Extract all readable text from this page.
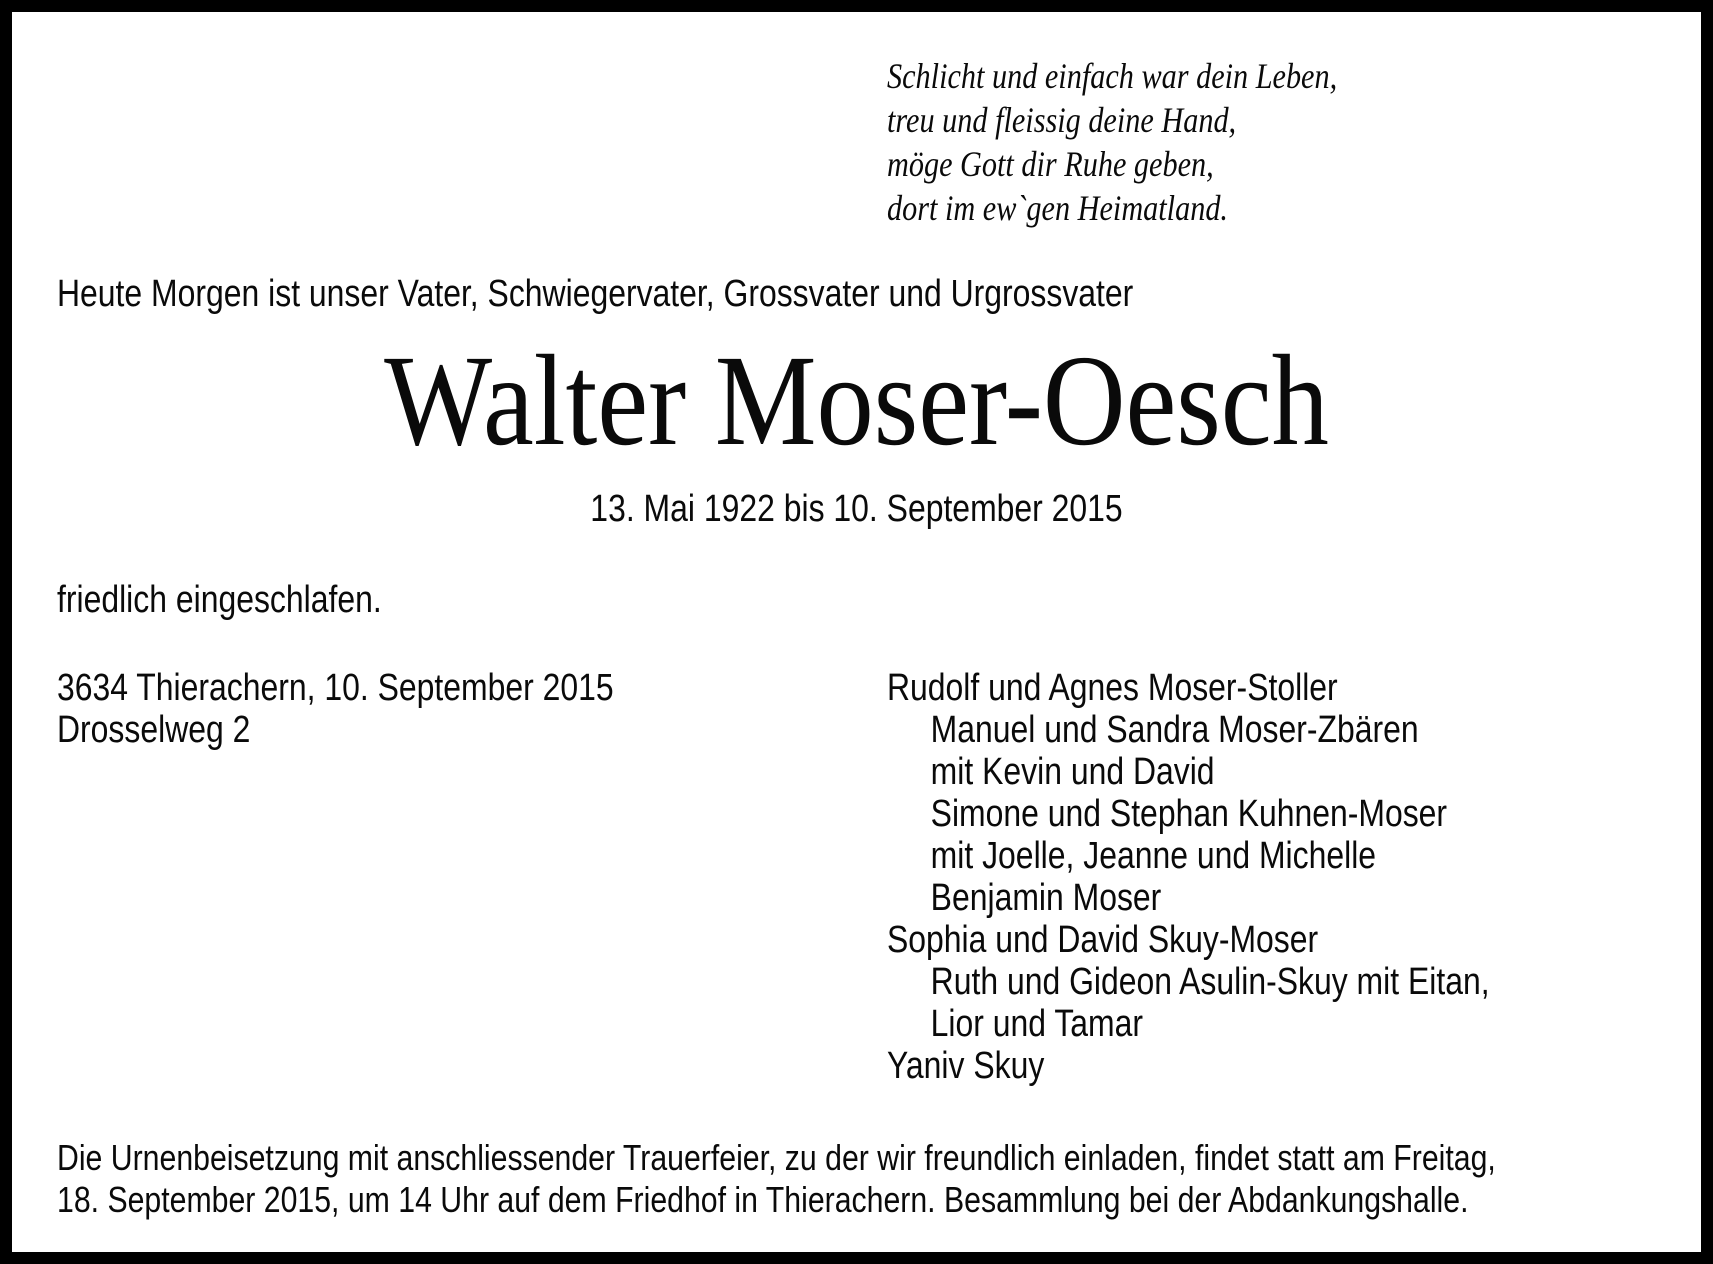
Schlicht und einfach war dein Leben,
treu und fleissig deine Hand,
möge Gott dir Ruhe geben,
dort im ew`gen Heimatland.
Heute Morgen ist unser Vater, Schwiegervater, Grossvater und Urgrossvater
Walter Moser-Oesch
13. Mai 1922 bis 10. September 2015
friedlich eingeschlafen.
3634 Thierachern, 10. September 2015
Drosselweg 2
Rudolf und Agnes Moser-Stoller
Manuel und Sandra Moser-Zbären
mit Kevin und David
Simone und Stephan Kuhnen-Moser
mit Joelle, Jeanne und Michelle
Benjamin Moser
Sophia und David Skuy-Moser
Ruth und Gideon Asulin-Skuy mit Eitan,
Lior und Tamar
Yaniv Skuy
Die Urnenbeisetzung mit anschliessender Trauerfeier, zu der wir freundlich einladen, findet statt am Freitag,
18. September 2015, um 14 Uhr auf dem Friedhof in Thierachern. Besammlung bei der Abdankungshalle.
